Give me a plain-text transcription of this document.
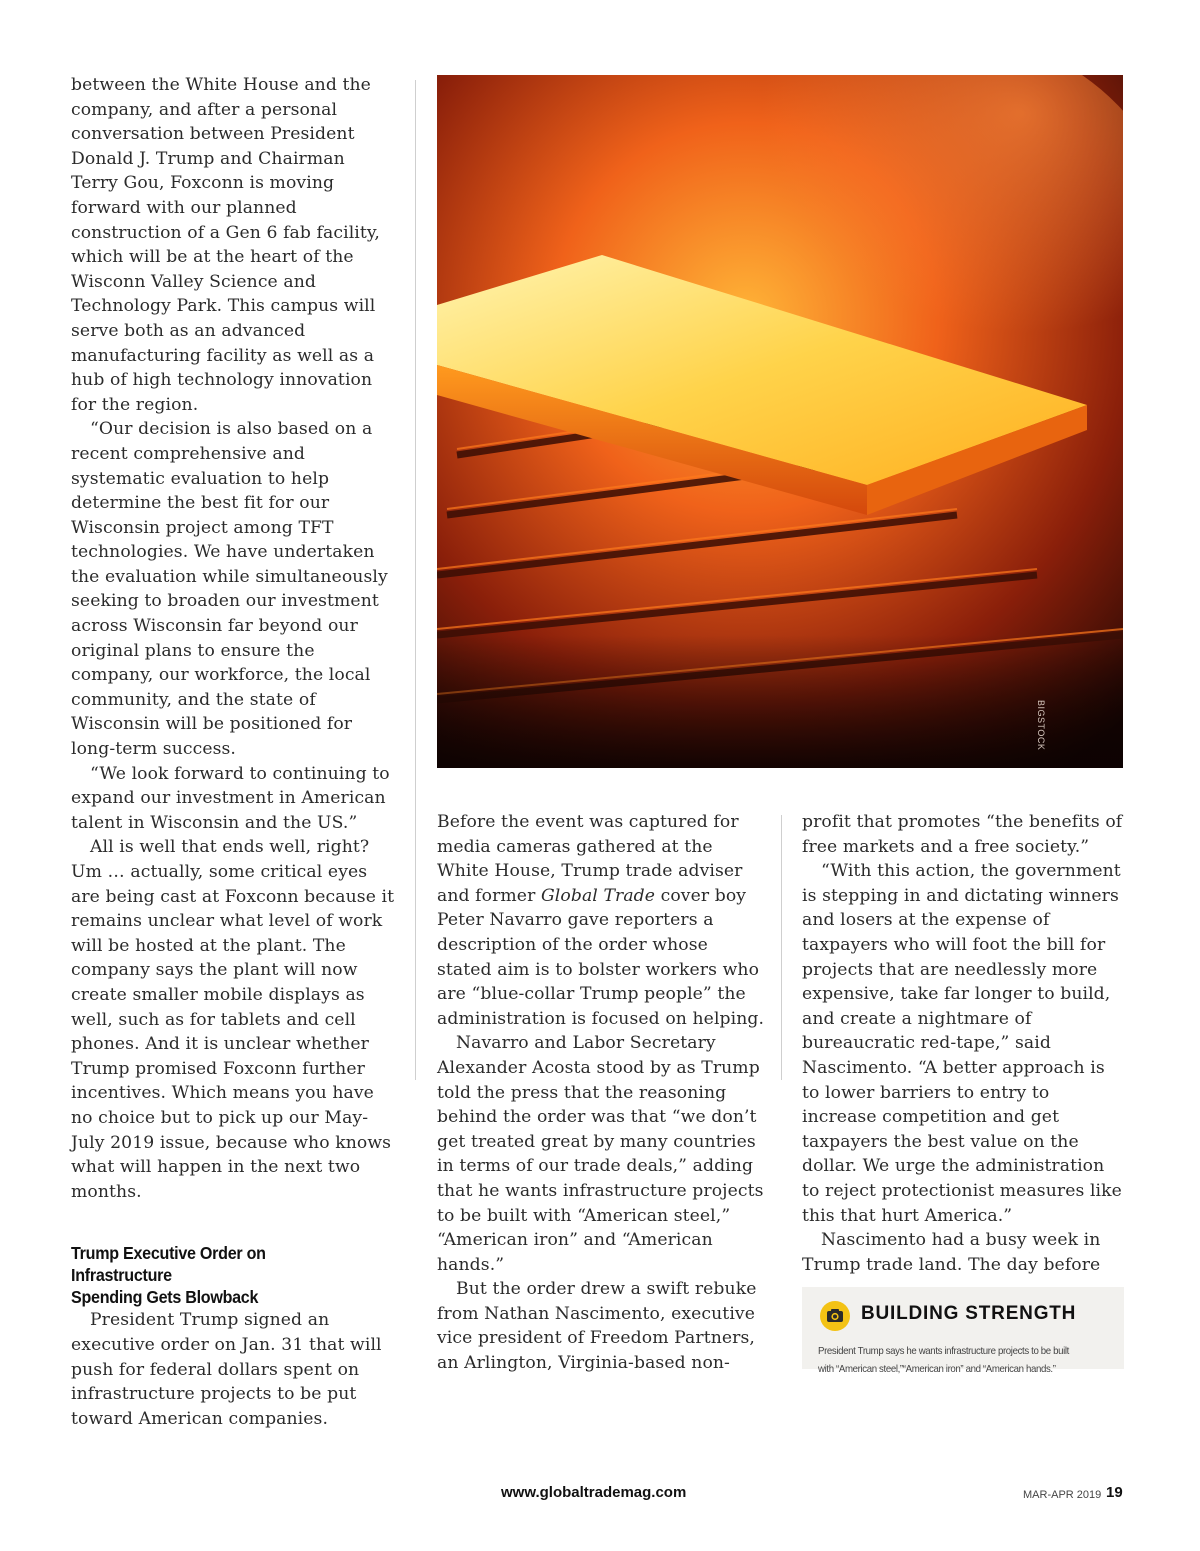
between the White House and the company, and after a personal conversation between President Donald J. Trump and Chairman Terry Gou, Foxconn is moving forward with our planned construction of a Gen 6 fab facility, which will be at the heart of the Wisconn Valley Science and Technology Park. This campus will serve both as an advanced manufacturing facility as well as a hub of high technology innovation for the region.

“Our decision is also based on a recent comprehensive and systematic evaluation to help determine the best fit for our Wisconsin project among TFT technologies. We have undertaken the evaluation while simultaneously seeking to broaden our investment across Wisconsin far beyond our original plans to ensure the company, our workforce, the local community, and the state of Wisconsin will be positioned for long-term success.

“We look forward to continuing to expand our investment in American talent in Wisconsin and the US.”

All is well that ends well, right? Um … actually, some critical eyes are being cast at Foxconn because it remains unclear what level of work will be hosted at the plant. The company says the plant will now create smaller mobile displays as well, such as for tablets and cell phones. And it is unclear whether Trump promised Foxconn further incentives. Which means you have no choice but to pick up our May-July 2019 issue, because who knows what will happen in the next two months.

Trump Executive Order on Infrastructure
Spending Gets Blowback

President Trump signed an executive order on Jan. 31 that will push for federal dollars spent on infrastructure projects to be put toward American companies.

BIGSTOCK

Before the event was captured for media cameras gathered at the White House, Trump trade adviser and former Global Trade cover boy Peter Navarro gave reporters a description of the order whose stated aim is to bolster workers who are “blue-collar Trump people” the administration is focused on helping.

Navarro and Labor Secretary Alexander Acosta stood by as Trump told the press that the reasoning behind the order was that “we don’t get treated great by many countries in terms of our trade deals,” adding that he wants infrastructure projects to be built with “American steel,” “American iron” and “American hands.”

But the order drew a swift rebuke from Nathan Nascimento, executive vice president of Freedom Partners, an Arlington, Virginia-based non-

profit that promotes “the benefits of free markets and a free society.”

“With this action, the government is stepping in and dictating winners and losers at the expense of taxpayers who will foot the bill for projects that are needlessly more expensive, take far longer to build, and create a nightmare of bureaucratic red-tape,” said Nascimento. “A better approach is to lower barriers to entry to increase competition and get taxpayers the best value on the dollar. We urge the administration to reject protectionist measures like this that hurt America.”

Nascimento had a busy week in Trump trade land. The day before

BUILDING STRENGTH
President Trump says he wants infrastructure projects to be built
with “American steel,”“American iron” and “American hands.”
www.globaltrademag.com	MAR-APR 2019 19
